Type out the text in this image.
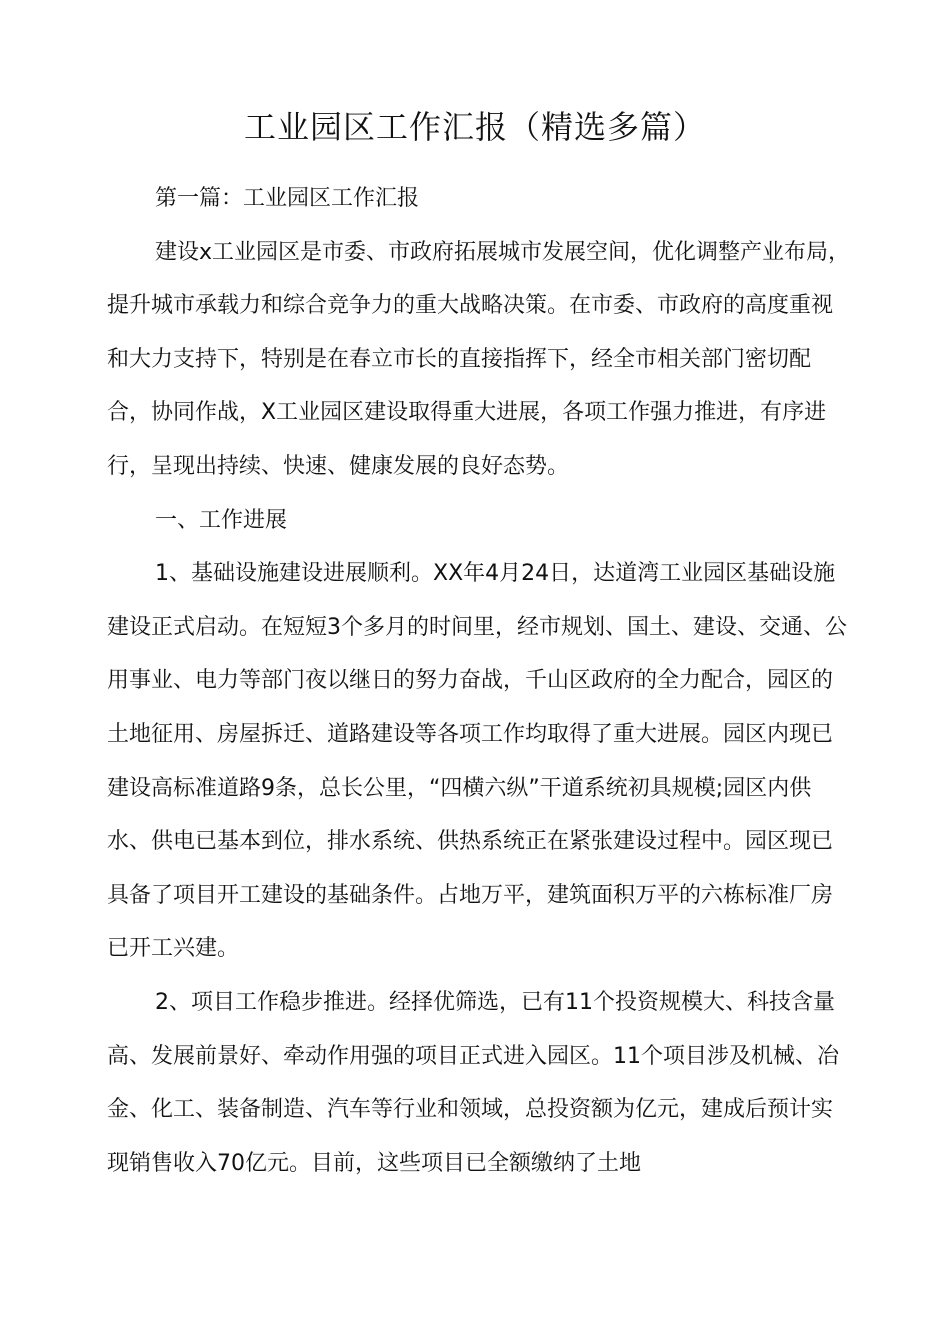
工业园区工作汇报（精选多篇）

第一篇：工业园区工作汇报

建设x工业园区是市委、市政府拓展城市发展空间，优化调整产业布局，提升城市承载力和综合竞争力的重大战略决策。在市委、市政府的高度重视和大力支持下，特别是在春立市长的直接指挥下，经全市相关部门密切配合，协同作战，X工业园区建设取得重大进展，各项工作强力推进，有序进行，呈现出持续、快速、健康发展的良好态势。

一、工作进展

1、基础设施建设进展顺利。XX年4月24日，达道湾工业园区基础设施建设正式启动。在短短3个多月的时间里，经市规划、国土、建设、交通、公用事业、电力等部门夜以继日的努力奋战，千山区政府的全力配合，园区的土地征用、房屋拆迁、道路建设等各项工作均取得了重大进展。园区内现已建设高标准道路9条，总长公里，“四横六纵”干道系统初具规模;园区内供水、供电已基本到位，排水系统、供热系统正在紧张建设过程中。园区现已具备了项目开工建设的基础条件。占地万平，建筑面积万平的六栋标准厂房已开工兴建。

2、项目工作稳步推进。经择优筛选，已有11个投资规模大、科技含量高、发展前景好、牵动作用强的项目正式进入园区。11个项目涉及机械、冶金、化工、装备制造、汽车等行业和领域，总投资额为亿元，建成后预计实现销售收入70亿元。目前，这些项目已全额缴纳了土地
